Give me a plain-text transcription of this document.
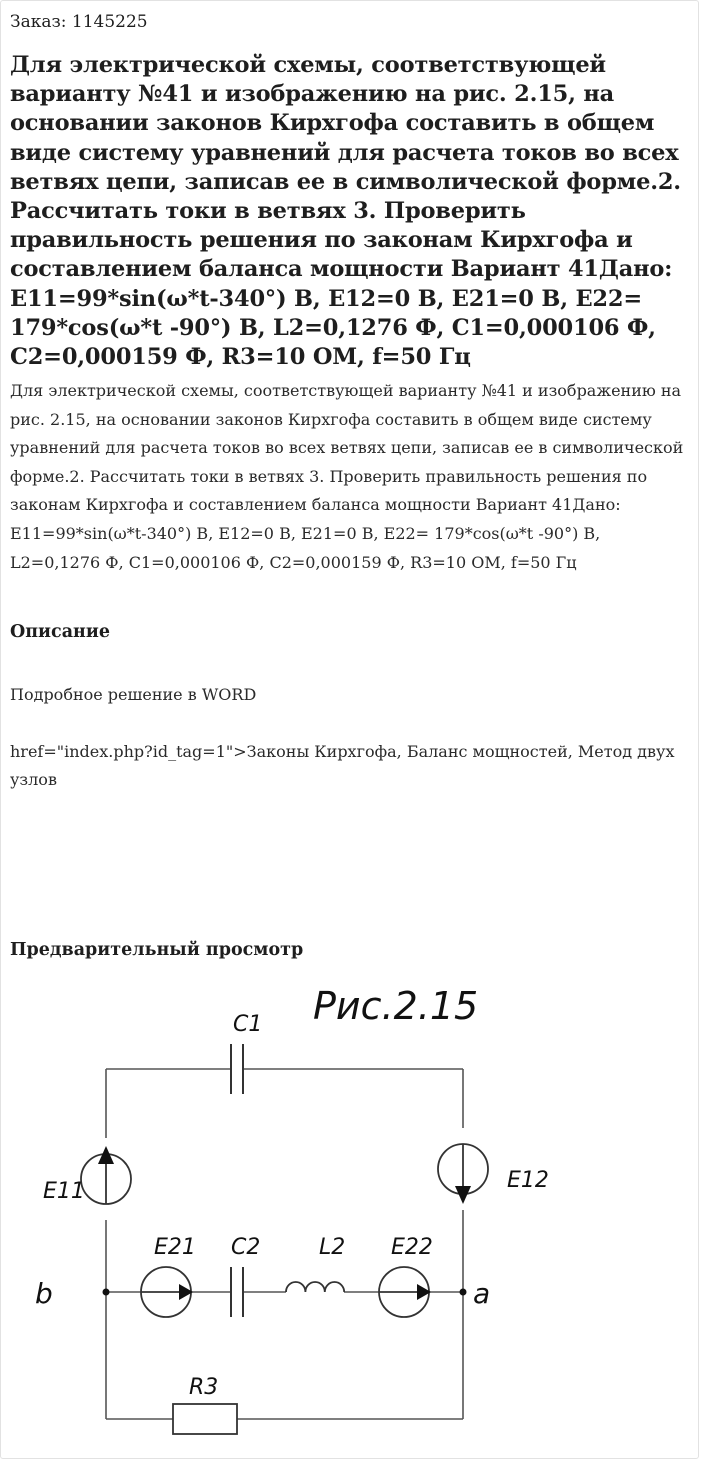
Заказ: 1145225
Для электрической схемы, соответствующей варианту №41 и изображению на рис. 2.15, на основании законов Кирхгофа составить в общем виде систему уравнений для расчета токов во всех ветвях цепи, записав ее в символической форме.2. Рассчитать токи в ветвях 3. Проверить правильность решения по законам Кирхгофа и составлением баланса мощности Вариант 41Дано: E11=99*sin(ω*t-340°) В, E12=0 В, E21=0 В, E22= 179*cos(ω*t -90°) В, L2=0,1276 Ф, C1=0,000106 Ф, C2=0,000159 Ф, R3=10 ОМ, f=50 Гц

Для электрической схемы, соответствующей варианту №41 и изображению на рис. 2.15, на основании законов Кирхгофа составить в общем виде систему уравнений для расчета токов во всех ветвях цепи, записав ее в символической форме.2. Рассчитать токи в ветвях 3. Проверить правильность решения по законам Кирхгофа и составлением баланса мощности Вариант 41Дано: E11=99*sin(ω*t-340°) В, E12=0 В, E21=0 В, E22= 179*cos(ω*t -90°) В, L2=0,1276 Ф, C1=0,000106 Ф, C2=0,000159 Ф, R3=10 ОМ, f=50 Гц

Описание

Подробное решение в WORD

href="index.php?id_tag=1">Законы Кирхгофа, Баланс мощностей, Метод двух узлов

Предварительный просмотр
Рис.2.15
C1
E11	E12
E21 C2	L2 E22
b	a
R3
